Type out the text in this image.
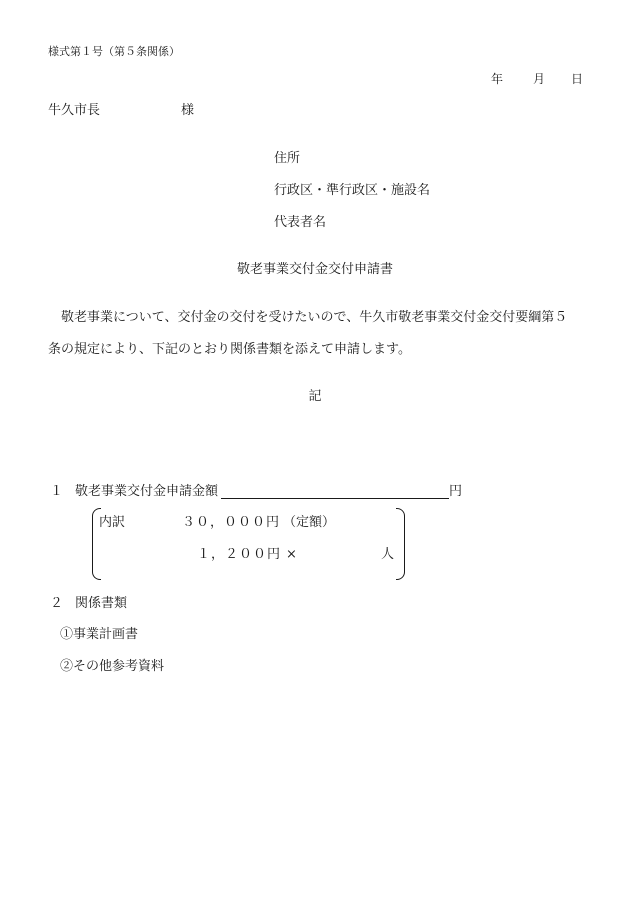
様式第１号（第５条関係）
年 月 日
牛久市長	様
住所
行政区・準行政区・施設名
代表者名
敬老事業交付金交付申請書
　敬老事業について、交付金の交付を受けたいので、牛久市敬老事業交付金交付要綱第５
条の規定により、下記のとおり関係書類を添えて申請します。
記
１ 敬老事業交付金申請金額	円
内訳	３０，０００円 （定額）
１，２００円 ×	人
２ 関係書類
①事業計画書
②その他参考資料
